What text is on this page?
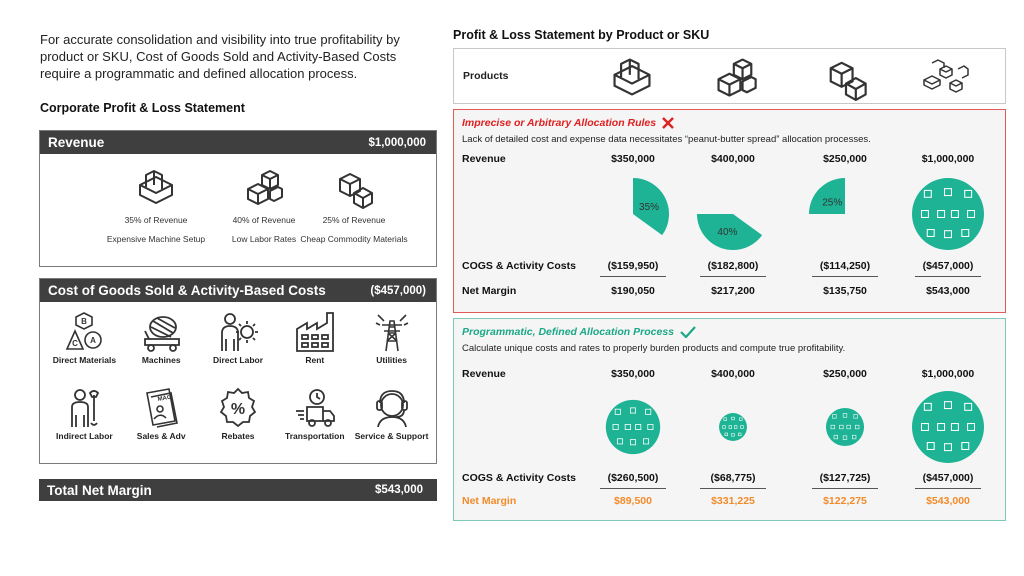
For accurate consolidation and visibility into true profitability by product or SKU, Cost of Goods Sold and Activity-Based Costs require a programmatic and defined allocation process.
Corporate Profit & Loss Statement
Revenue	$1,000,000
35% of Revenue
Expensive Machine Setup
40% of Revenue
Low Labor Rates
25% of Revenue
Cheap Commodity Materials
Cost of Goods Sold & Activity-Based Costs	($457,000)
B
C A
Direct Materials	Machines	Direct Labor	Rent	Utilities
Indirect Labor
MAG
Sales & Adv
%
Rebates	Transportation	Service & Support
Total Net Margin	$543,000
Profit & Loss Statement by Product or SKU
Products
Imprecise or Arbitrary Allocation Rules
Lack of detailed cost and expense data necessitates “peanut-butter spread” allocation processes.
Revenue	$350,000	$400,000	$250,000	$1,000,000
35%
40%
25%
COGS & Activity Costs	($159,950)	($182,800)	($114,250)	($457,000)
Net Margin	$190,050	$217,200	$135,750	$543,000
Programmatic, Defined Allocation Process
Calculate unique costs and rates to properly burden products and compute true profitability.
Revenue	$350,000	$400,000	$250,000	$1,000,000
COGS & Activity Costs	($260,500)	($68,775)	($127,725)	($457,000)
Net Margin	$89,500	$331,225	$122,275	$543,000
